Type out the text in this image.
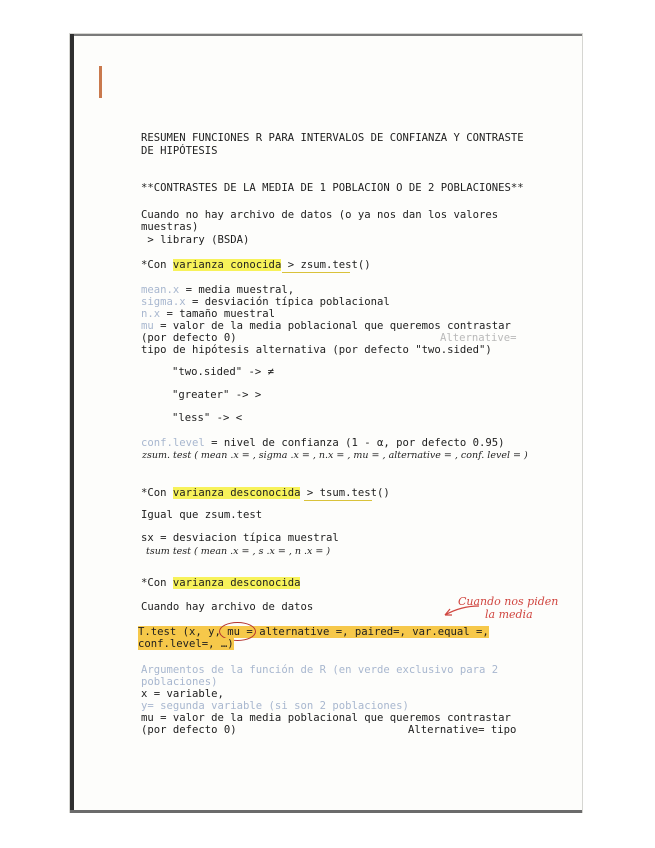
RESUMEN FUNCIONES R PARA INTERVALOS DE CONFIANZA Y CONTRASTE
DE HIPÓTESIS
**CONTRASTES DE LA MEDIA DE 1 POBLACION O DE 2 POBLACIONES**
Cuando no hay archivo de datos (o ya nos dan los valores
muestras)
> library (BSDA)
*Con varianza conocida > zsum.test()
mean.x = media muestral,
sigma.x = desviación típica poblacional
n.x = tamaño muestral
mu = valor de la media poblacional que queremos contrastar
(por defecto 0)	Alternative=
tipo de hipótesis alternativa (por defecto "two.sided")
"two.sided" -> ≠
"greater" -> >
"less" -> <
conf.level = nivel de confianza (1 - α, por defecto 0.95)
zsum. test ( mean .x = , sigma .x = , n.x = , mu = , alternative = , conf. level = )
*Con varianza desconocida > tsum.test()
Igual que zsum.test
sx = desviacion típica muestral
tsum test ( mean .x = , s .x = , n .x = )
*Con varianza desconocida
Cuando hay archivo de datos	Cuando nos piden
la media
T.test (x, y, mu = alternative =, paired=, var.equal =,
conf.level=, …)
Argumentos de la función de R (en verde exclusivo para 2
poblaciones)
x = variable,
y= segunda variable (si son 2 poblaciones)
mu = valor de la media poblacional que queremos contrastar
(por defecto 0)	Alternative= tipo
